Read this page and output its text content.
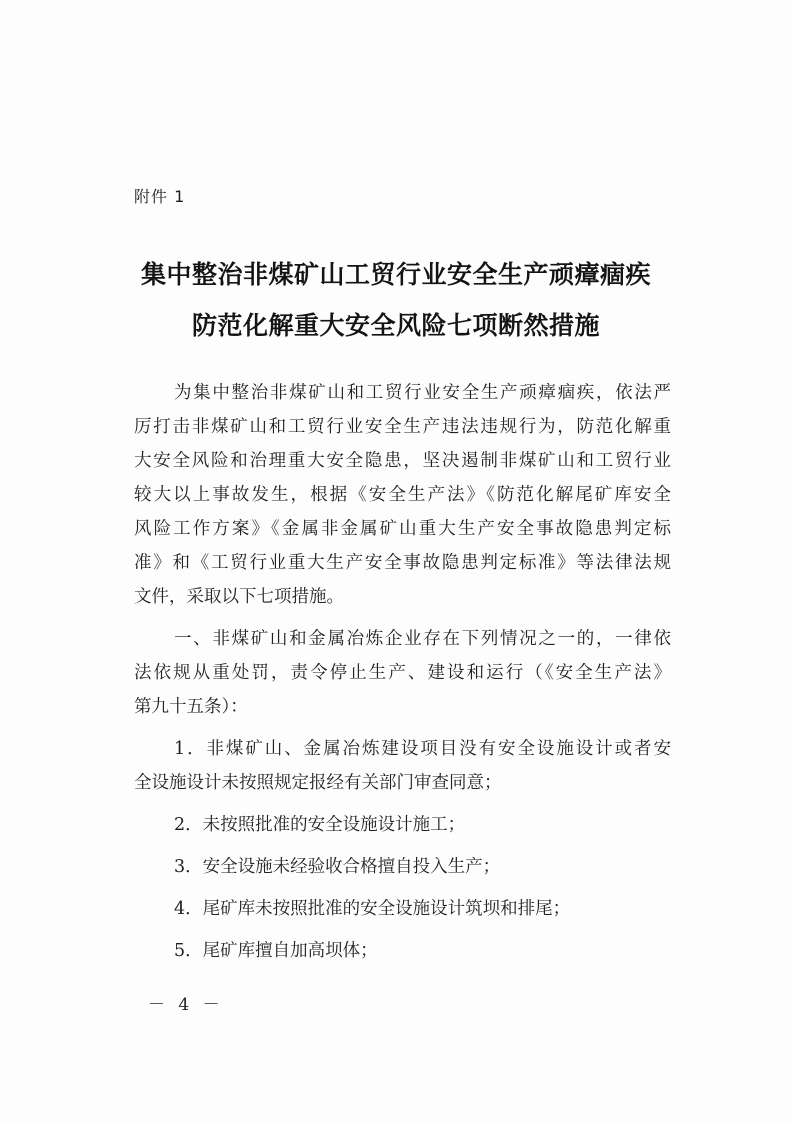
附件 1
集中整治非煤矿山工贸行业安全生产顽瘴痼疾
防范化解重大安全风险七项断然措施
为集中整治非煤矿山和工贸行业安全生产顽瘴痼疾，依法严
厉打击非煤矿山和工贸行业安全生产违法违规行为，防范化解重
大安全风险和治理重大安全隐患，坚决遏制非煤矿山和工贸行业
较大以上事故发生，根据《安全生产法》《防范化解尾矿库安全
风险工作方案》《金属非金属矿山重大生产安全事故隐患判定标
准》和《工贸行业重大生产安全事故隐患判定标准》等法律法规
文件，采取以下七项措施。
一、非煤矿山和金属冶炼企业存在下列情况之一的，一律依
法依规从重处罚，责令停止生产、建设和运行（《安全生产法》
第九十五条）：
1．非煤矿山、金属冶炼建设项目没有安全设施设计或者安
全设施设计未按照规定报经有关部门审查同意；
2．未按照批准的安全设施设计施工；
3．安全设施未经验收合格擅自投入生产；
4．尾矿库未按照批准的安全设施设计筑坝和排尾；
5．尾矿库擅自加高坝体；
－ 4 －
